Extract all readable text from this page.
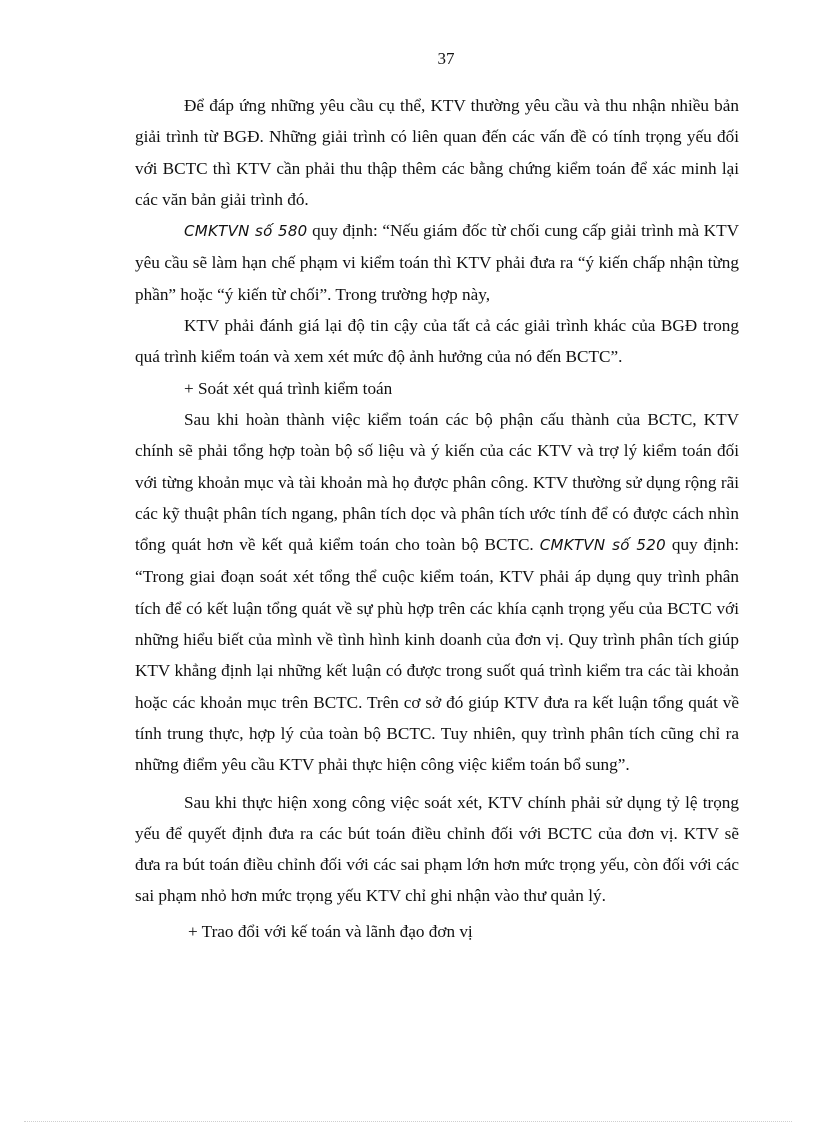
37

Để đáp ứng những yêu cầu cụ thể, KTV thường yêu cầu và thu nhận nhiều bản giải trình từ BGĐ. Những giải trình có liên quan đến các vấn đề có tính trọng yếu đối với BCTC thì KTV cần phải thu thập thêm các bằng chứng kiểm toán để xác minh lại các văn bản giải trình đó.

CMKTVN số 580 quy định: “Nếu giám đốc từ chối cung cấp giải trình mà KTV yêu cầu sẽ làm hạn chế phạm vi kiểm toán thì KTV phải đưa ra “ý kiến chấp nhận từng phần” hoặc “ý kiến từ chối”. Trong trường hợp này,

KTV phải đánh giá lại độ tin cậy của tất cả các giải trình khác của BGĐ trong quá trình kiểm toán và xem xét mức độ ảnh hưởng của nó đến BCTC”.

+ Soát xét quá trình kiểm toán

Sau khi hoàn thành việc kiểm toán các bộ phận cấu thành của BCTC, KTV chính sẽ phải tổng hợp toàn bộ số liệu và ý kiến của các KTV và trợ lý kiểm toán đối với từng khoản mục và tài khoản mà họ được phân công. KTV thường sử dụng rộng rãi các kỹ thuật phân tích ngang, phân tích dọc và phân tích ước tính để có được cách nhìn tổng quát hơn về kết quả kiểm toán cho toàn bộ BCTC. CMKTVN số 520 quy định: “Trong giai đoạn soát xét tổng thể cuộc kiểm toán, KTV phải áp dụng quy trình phân tích để có kết luận tổng quát về sự phù hợp trên các khía cạnh trọng yếu của BCTC với những hiểu biết của mình về tình hình kinh doanh của đơn vị. Quy trình phân tích giúp KTV khẳng định lại những kết luận có được trong suốt quá trình kiểm tra các tài khoản hoặc các khoản mục trên BCTC. Trên cơ sở đó giúp KTV đưa ra kết luận tổng quát về tính trung thực, hợp lý của toàn bộ BCTC. Tuy nhiên, quy trình phân tích cũng chỉ ra những điểm yêu cầu KTV phải thực hiện công việc kiểm toán bổ sung”.

Sau khi thực hiện xong công việc soát xét, KTV chính phải sử dụng tỷ lệ trọng yếu để quyết định đưa ra các bút toán điều chỉnh đối với BCTC của đơn vị. KTV sẽ đưa ra bút toán điều chỉnh đối với các sai phạm lớn hơn mức trọng yếu, còn đối với các sai phạm nhỏ hơn mức trọng yếu KTV chỉ ghi nhận vào thư quản lý.

+ Trao đổi với kế toán và lãnh đạo đơn vị
